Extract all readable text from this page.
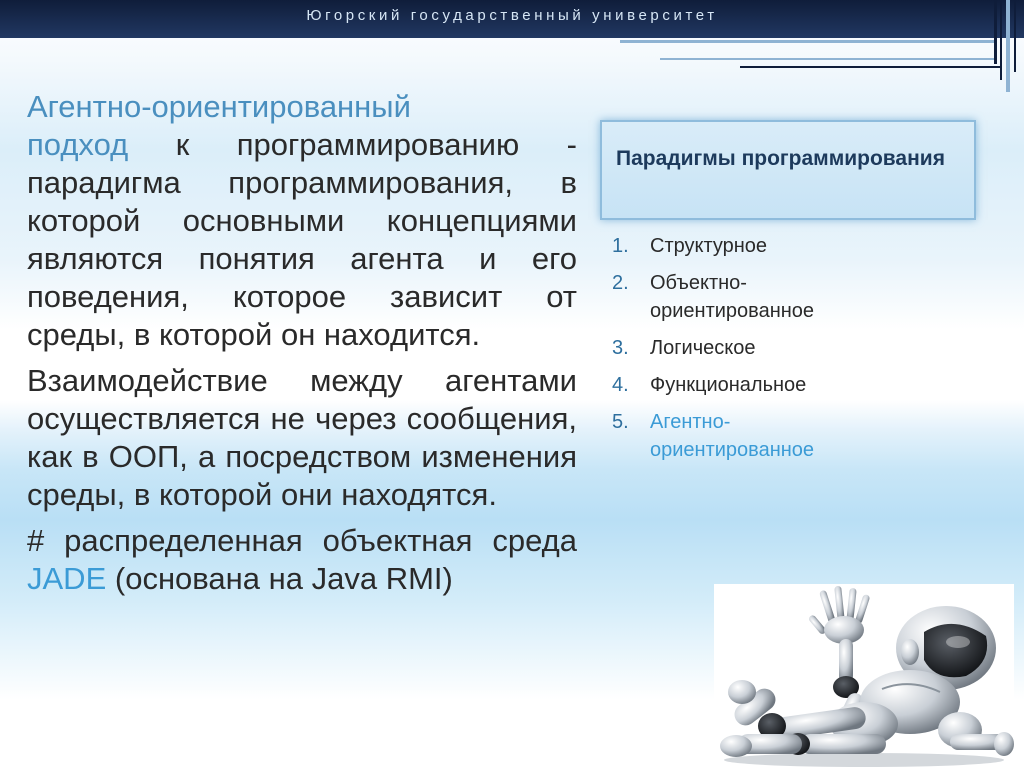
Югорский государственный университет

Агентно-ориентированный
подход к программированию - парадигма программирования, в которой основными концепциями являются понятия агента и его поведения, которое зависит от среды, в которой он находится.

Взаимодействие между агентами осуществляется не через сообщения, как в ООП, а посредством изменения среды, в которой они находятся.

# распределенная объектная среда JADE (основана на Java RMI)

Парадигмы программирования
1. Структурное
2. Объектно-ориентированное
3. Логическое
4. Функциональное
5. Агентно-ориентированное
